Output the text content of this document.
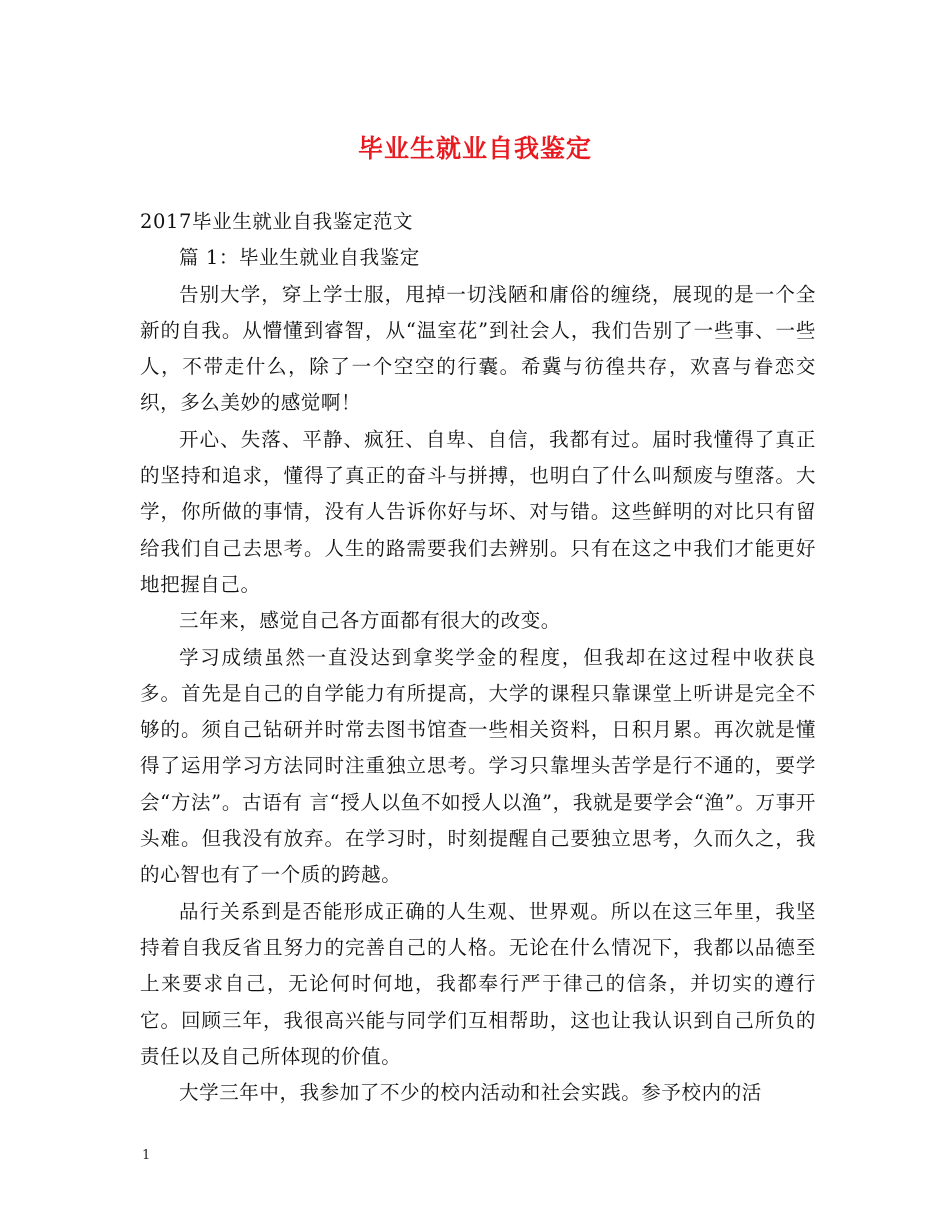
毕业生就业自我鉴定

2017毕业生就业自我鉴定范文

篇 1：毕业生就业自我鉴定

告别大学，穿上学士服，甩掉一切浅陋和庸俗的缠绕，展现的是一个全新的自我。从懵懂到睿智，从“温室花”到社会人，我们告别了一些事、一些人，不带走什么，除了一个空空的行囊。希冀与彷徨共存，欢喜与眷恋交织，多么美妙的感觉啊！

开心、失落、平静、疯狂、自卑、自信，我都有过。届时我懂得了真正的坚持和追求，懂得了真正的奋斗与拼搏，也明白了什么叫颓废与堕落。大学，你所做的事情，没有人告诉你好与坏、对与错。这些鲜明的对比只有留给我们自己去思考。人生的路需要我们去辨别。只有在这之中我们才能更好地把握自己。

三年来，感觉自己各方面都有很大的改变。

学习成绩虽然一直没达到拿奖学金的程度，但我却在这过程中收获良多。首先是自己的自学能力有所提高，大学的课程只靠课堂上听讲是完全不够的。须自己钻研并时常去图书馆查一些相关资料，日积月累。再次就是懂得了运用学习方法同时注重独立思考。学习只靠埋头苦学是行不通的，要学会“方法”。古语有 言“授人以鱼不如授人以渔”，我就是要学会“渔”。万事开头难。但我没有放弃。在学习时，时刻提醒自己要独立思考，久而久之，我的心智也有了一个质的跨越。

品行关系到是否能形成正确的人生观、世界观。所以在这三年里，我坚持着自我反省且努力的完善自己的人格。无论在什么情况下，我都以品德至上来要求自己，无论何时何地，我都奉行严于律己的信条，并切实的遵行它。回顾三年，我很高兴能与同学们互相帮助，这也让我认识到自己所负的责任以及自己所体现的价值。

大学三年中，我参加了不少的校内活动和社会实践。参予校内的活

1
